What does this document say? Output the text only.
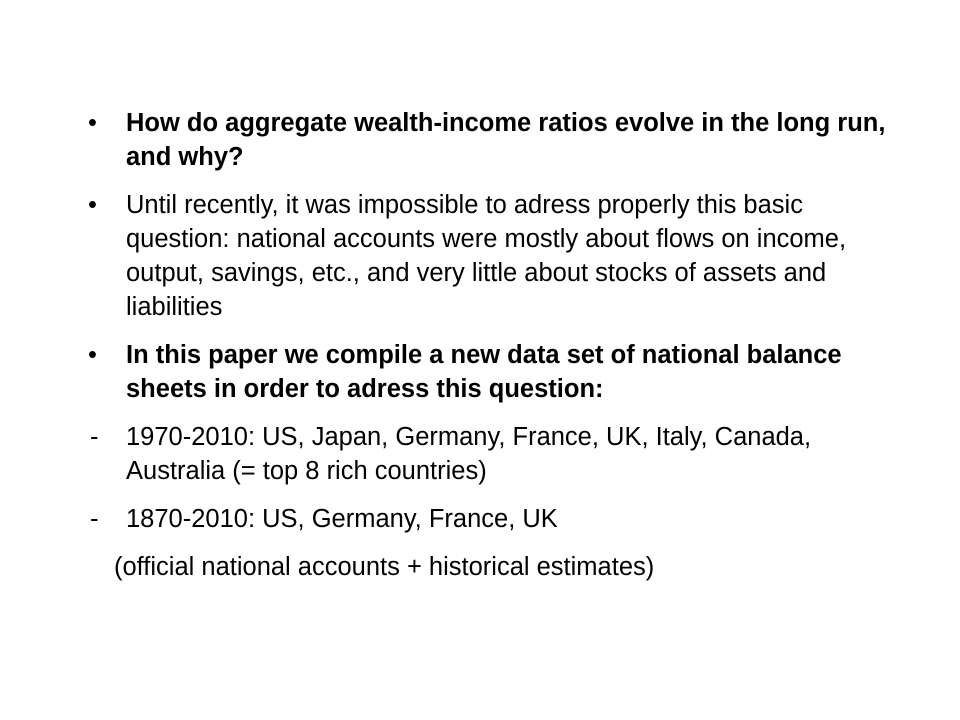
• How do aggregate wealth-income ratios evolve in the long run, and why?
• Until recently, it was impossible to adress properly this basic question: national accounts were mostly about flows on income, output, savings, etc., and very little about stocks of assets and liabilities
• In this paper we compile a new data set of national balance sheets in order to adress this question:
- 1970-2010: US, Japan, Germany, France, UK, Italy, Canada, Australia (= top 8 rich countries)
- 1870-2010: US, Germany, France, UK
(official national accounts + historical estimates)
